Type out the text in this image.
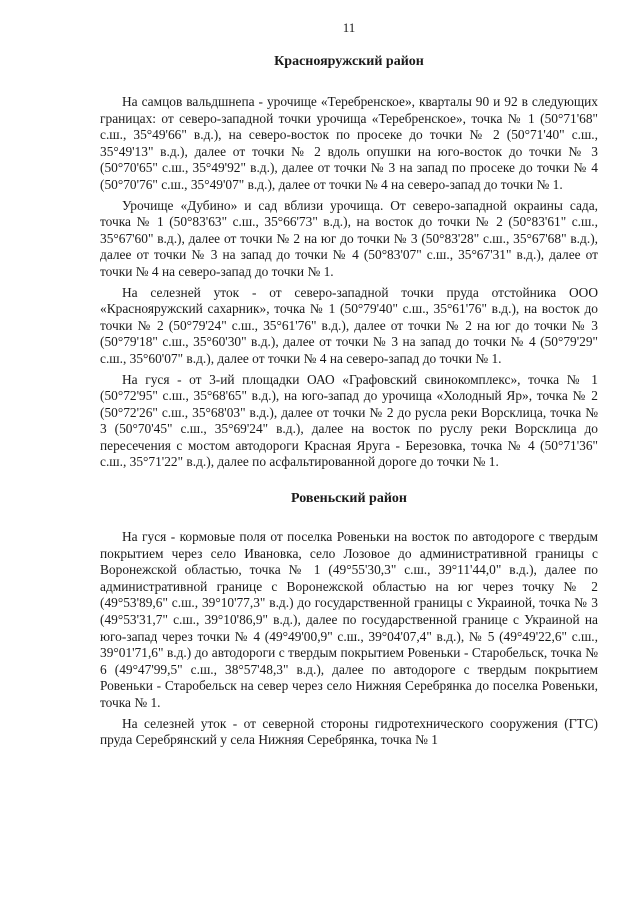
11
Краснояружский район

На самцов вальдшнепа - урочище «Теребренское», кварталы 90 и 92 в следующих границах: от северо-западной точки урочища «Теребренское», точка № 1 (50°71'68" с.ш., 35°49'66" в.д.), на северо-восток по просеке до точки № 2 (50°71'40" с.ш., 35°49'13" в.д.), далее от точки № 2 вдоль опушки на юго-восток до точки № 3 (50°70'65" с.ш., 35°49'92" в.д.), далее от точки № 3 на запад по просеке до точки № 4 (50°70'76" с.ш., 35°49'07" в.д.), далее от точки № 4 на северо-запад до точки № 1.

Урочище «Дубино» и сад вблизи урочища. От северо-западной окраины сада, точка № 1 (50°83'63" с.ш., 35°66'73" в.д.), на восток до точки № 2 (50°83'61" с.ш., 35°67'60" в.д.), далее от точки № 2 на юг до точки № 3 (50°83'28" с.ш., 35°67'68" в.д.), далее от точки № 3 на запад до точки № 4 (50°83'07" с.ш., 35°67'31" в.д.), далее от точки № 4 на северо-запад до точки № 1.

На селезней уток - от северо-западной точки пруда отстойника ООО «Краснояружский сахарник», точка № 1 (50°79'40" с.ш., 35°61'76" в.д.), на восток до точки № 2 (50°79'24" с.ш., 35°61'76" в.д.), далее от точки № 2 на юг до точки № 3 (50°79'18" с.ш., 35°60'30" в.д.), далее от точки № 3 на запад до точки № 4 (50°79'29" с.ш., 35°60'07" в.д.), далее от точки № 4 на северо-запад до точки № 1.

На гуся - от 3-ий площадки ОАО «Графовский свинокомплекс», точка № 1 (50°72'95" с.ш., 35°68'65" в.д.), на юго-запад до урочища «Холодный Яр», точка № 2 (50°72'26" с.ш., 35°68'03" в.д.), далее от точки № 2 до русла реки Ворсклица, точка № 3 (50°70'45" с.ш., 35°69'24" в.д.), далее на восток по руслу реки Ворсклица до пересечения с мостом автодороги Красная Яруга - Березовка, точка № 4 (50°71'36" с.ш., 35°71'22" в.д.), далее по асфальтированной дороге до точки № 1.

Ровеньский район

На гуся - кормовые поля от поселка Ровеньки на восток по автодороге с твердым покрытием через село Ивановка, село Лозовое до административной границы с Воронежской областью, точка № 1 (49°55'30,3" с.ш., 39°11'44,0" в.д.), далее по административной границе с Воронежской областью на юг через точку № 2 (49°53'89,6" с.ш., 39°10'77,3" в.д.) до государственной границы с Украиной, точка № 3 (49°53'31,7" с.ш., 39°10'86,9" в.д.), далее по государственной границе с Украиной на юго-запад через точки № 4 (49°49'00,9" с.ш., 39°04'07,4" в.д.), № 5 (49°49'22,6" с.ш., 39°01'71,6" в.д.) до автодороги с твердым покрытием Ровеньки - Старобельск, точка № 6 (49°47'99,5" с.ш., 38°57'48,3" в.д.), далее по автодороге с твердым покрытием Ровеньки - Старобельск на север через село Нижняя Серебрянка до поселка Ровеньки, точка № 1.

На селезней уток - от северной стороны гидротехнического сооружения (ГТС) пруда Серебрянский у села Нижняя Серебрянка, точка № 1
